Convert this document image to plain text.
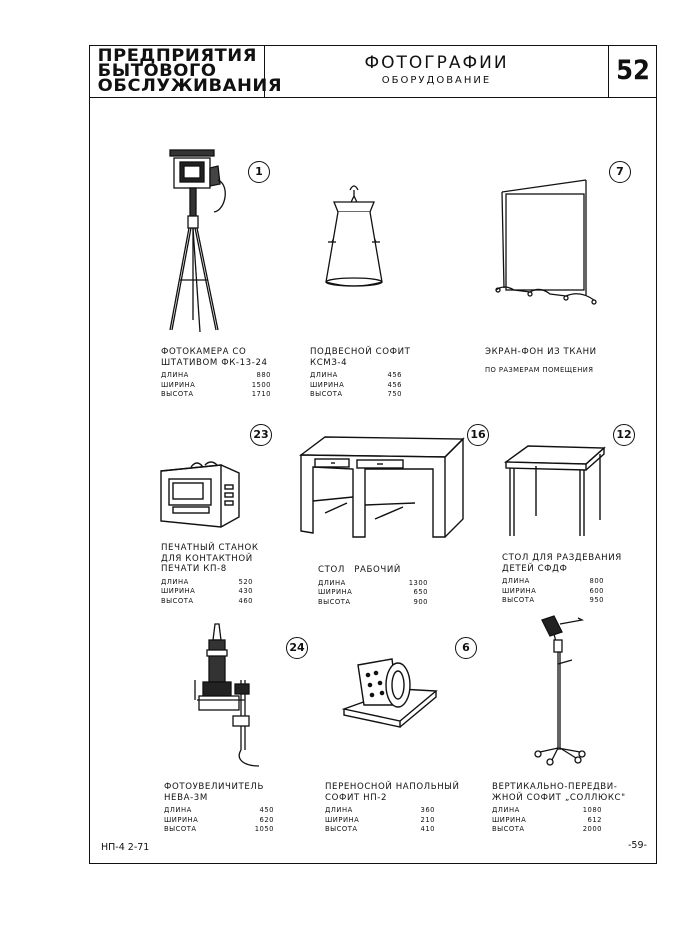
ПРЕДПРИЯТИЯ
БЫТОВОГО
ОБСЛУЖИВАНИЯ
ФОТОГРАФИИ
ОБОРУДОВАНИЕ	52
1	7
23	16	12
24	6
ФОТОКАМЕРА СО
ШТАТИВОМ ФК-13-24
ДЛИНА	880
ШИРИНА	1500
ВЫСОТА	1710
ПОДВЕСНОЙ СОФИТ
КСМЗ-4
ДЛИНА	456
ШИРИНА	456
ВЫСОТА	750
ЭКРАН-ФОН ИЗ ТКАНИ
ПО РАЗМЕРАМ ПОМЕЩЕНИЯ
ПЕЧАТНЫЙ СТАНОК
ДЛЯ КОНТАКТНОЙ
ПЕЧАТИ КП-8
ДЛИНА	520
ШИРИНА	430
ВЫСОТА	460
СТОЛ РАБОЧИЙ
ДЛИНА	1300
ШИРИНА	650
ВЫСОТА	900
СТОЛ ДЛЯ РАЗДЕВАНИЯ
ДЕТЕЙ СФДФ
ДЛИНА	800
ШИРИНА	600
ВЫСОТА	950
ФОТОУВЕЛИЧИТЕЛЬ
НЕВА-3М
ДЛИНА	450
ШИРИНА	620
ВЫСОТА	1050
ПЕРЕНОСНОЙ НАПОЛЬНЫЙ
СОФИТ НП-2
ДЛИНА	360
ШИРИНА	210
ВЫСОТА	410
ВЕРТИКАЛЬНО-ПЕРЕДВИ-
ЖНОЙ СОФИТ „СОЛЛЮКС"
ДЛИНА	1080
ШИРИНА	612
ВЫСОТА	2000
НП-4 2-71	-59-
